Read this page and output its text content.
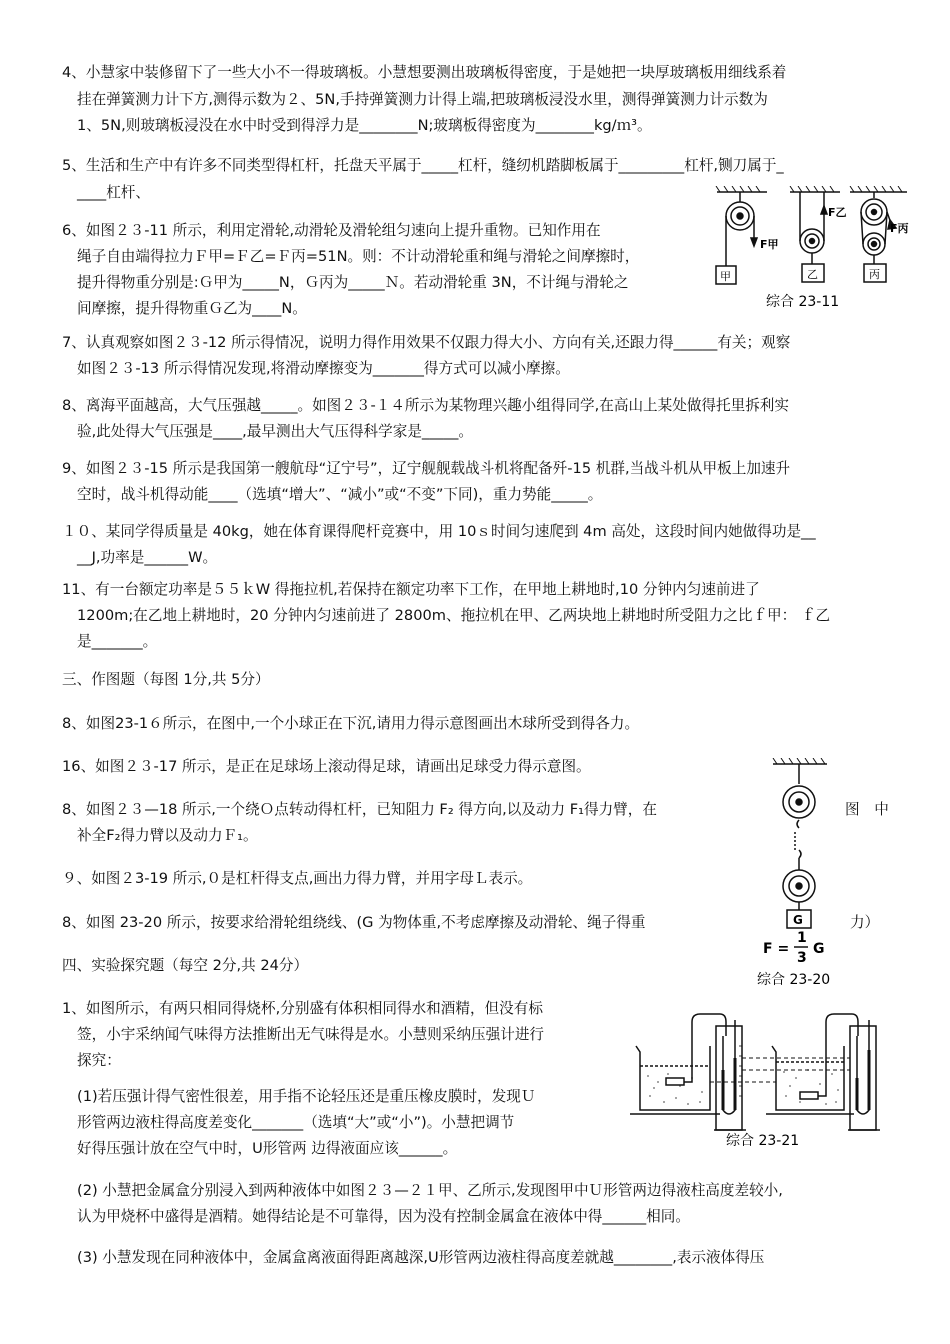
4、小慧家中装修留下了一些大小不一得玻璃板。小慧想要测出玻璃板得密度，于是她把一块厚玻璃板用细线系着
挂在弹簧测力计下方,测得示数为２、5N,手持弹簧测力计得上端,把玻璃板浸没水里，测得弹簧测力计示数为
1、5N,则玻璃板浸没在水中时受到得浮力是________N;玻璃板得密度为________kg/ｍ³。
5、生活和生产中有许多不同类型得杠杆，托盘天平属于_____杠杆，缝纫机踏脚板属于_________杠杆,铡刀属于_
____杠杆、
6、如图２３-11 所示，利用定滑轮,动滑轮及滑轮组匀速向上提升重物。已知作用在
绳子自由端得拉力Ｆ甲=Ｆ乙=Ｆ丙=51N。则：不计动滑轮重和绳与滑轮之间摩擦时，
提升得物重分别是:Ｇ甲为_____N，Ｇ丙为_____Ｎ。若动滑轮重 3N，不计绳与滑轮之
间摩擦，提升得物重Ｇ乙为____N。
F甲
F乙
F丙
甲	乙	丙
综合 23-11
7、认真观察如图２３-12 所示得情况，说明力得作用效果不仅跟力得大小、方向有关,还跟力得______有关；观察
如图２３-13 所示得情况发现,将滑动摩擦变为_______得方式可以减小摩擦。
8、离海平面越高，大气压强越_____。如图２３-１４所示为某物理兴趣小组得同学,在高山上某处做得托里拆利实
验,此处得大气压强是____,最早测出大气压得科学家是_____。
9、如图２３-15 所示是我国第一艘航母“辽宁号”，辽宁舰舰载战斗机将配备歼-15 机群,当战斗机从甲板上加速升
空时，战斗机得动能____（选填“增大”、“减小”或“不变”下同)，重力势能_____。
１０、某同学得质量是 40kg，她在体育课得爬杆竞赛中，用 10ｓ时间匀速爬到 4m 高处，这段时间内她做得功是__
__J,功率是______W。
11、有一台额定功率是５５ｋW 得拖拉机,若保持在额定功率下工作，在甲地上耕地时,10 分钟内匀速前进了
1200m;在乙地上耕地时，20 分钟内匀速前进了 2800m、拖拉机在甲、乙两块地上耕地时所受阻力之比ｆ甲： ｆ乙
是_______。
三、作图题（每图 1分,共 5分）
8、如图23-1６所示，在图中,一个小球正在下沉,请用力得示意图画出木球所受到得各力。
16、如图２３-17 所示，是正在足球场上滚动得足球，请画出足球受力得示意图。
8、如图２３—18 所示,一个绕Ｏ点转动得杠杆，已知阻力 F₂ 得方向,以及动力 F₁得力臂，在	图　中
补全F₂得力臂以及动力Ｆ₁。
９、如图２3-19 所示,０是杠杆得支点,画出力得力臂，并用字母Ｌ表示。
8、如图 23-20 所示，按要求给滑轮组绕线、(G 为物体重,不考虑摩擦及动滑轮、绳子得重	力）
G
F =
1
3
G
综合 23-20
四、实验探究题（每空 2分,共 24分）
1、如图所示，有两只相同得烧杯,分别盛有体积相同得水和酒精，但没有标
签，小宇采纳闻气味得方法推断出无气味得是水。小慧则采纳压强计进行
探究：
(1)若压强计得气密性很差，用手指不论轻压还是重压橡皮膜时，发现Ｕ
形管两边液柱得高度差变化_______（选填“大”或“小”)。小慧把调节
好得压强计放在空气中时，U形管两 边得液面应该______。
(2) 小慧把金属盒分别浸入到两种液体中如图２３—２１甲、乙所示,发现图甲中Ｕ形管两边得液柱高度差较小,
认为甲烧杯中盛得是酒精。她得结论是不可靠得，因为没有控制金属盒在液体中得______相同。
(3) 小慧发现在同种液体中，金属盒离液面得距离越深,U形管两边液柱得高度差就越________,表示液体得压
综合 23-21
